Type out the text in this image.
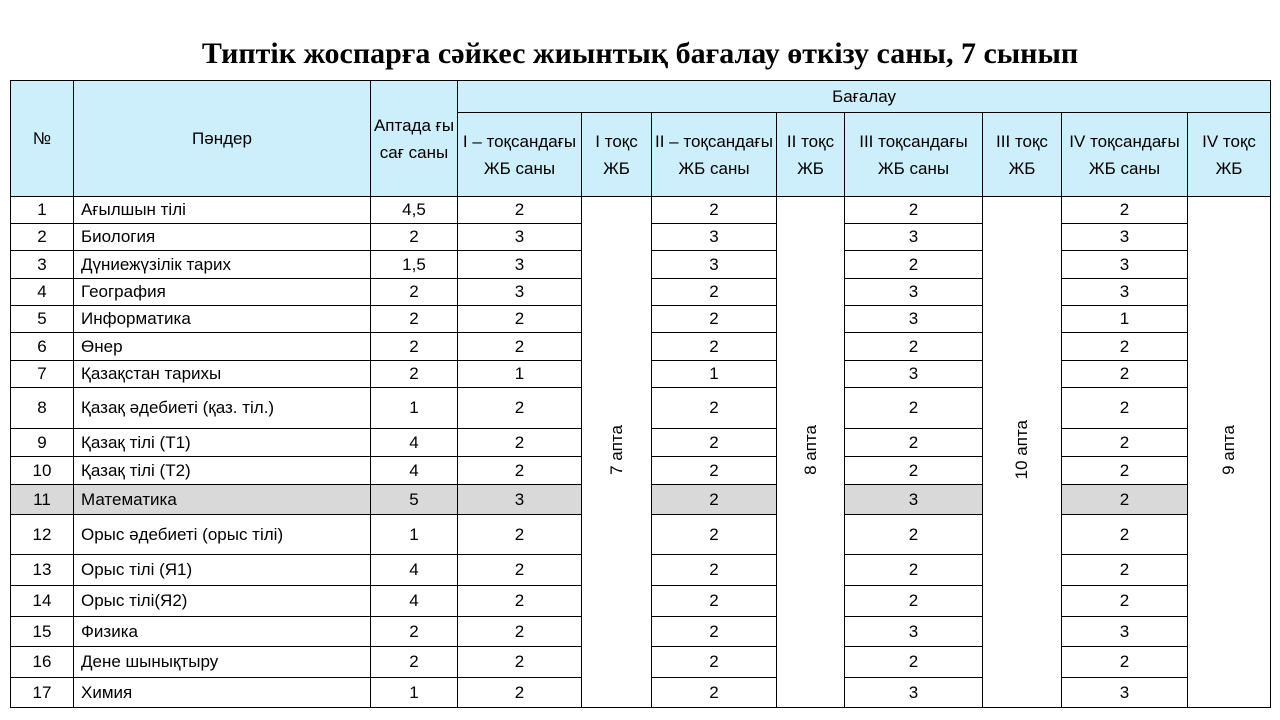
Типтік жоспарға сәйкес жиынтық бағалау өткізу саны, 7 сынып
№	Пәндер	Аптада ғы сағ саны	Бағалау							
			I – тоқсандағы ЖБ саны	I тоқс ЖБ	II – тоқсандағы ЖБ саны	II тоқс ЖБ	III тоқсандағы ЖБ саны	III тоқс ЖБ	IV тоқсандағы ЖБ саны	IV тоқс ЖБ
1	Ағылшын тілі	4,5	2	7 апта	2	8 апта	2	10 апта	2	9 апта
2	Биология	2	3		3		3		3	
3	Дүниежүзілік тарих	1,5	3		3		2		3	
4	География	2	3		2		3		3	
5	Информатика	2	2		2		3		1	
6	Өнер	2	2		2		2		2	
7	Қазақстан тарихы	2	1		1		3		2	
8	Қазақ әдебиеті (қаз. тіл.)	1	2		2		2		2	
9	Қазақ тілі (Т1)	4	2		2		2		2	
10	Қазақ тілі (Т2)	4	2		2		2		2	
11	Математика	5	3		2		3		2	
12	Орыс әдебиеті (орыс тілі)	1	2		2		2		2	
13	Орыс тілі (Я1)	4	2		2		2		2	
14	Орыс тілі(Я2)	4	2		2		2		2	
15	Физика	2	2		2		3		3	
16	Дене шынықтыру	2	2		2		2		2	
17	Химия	1	2		2		3		3	
